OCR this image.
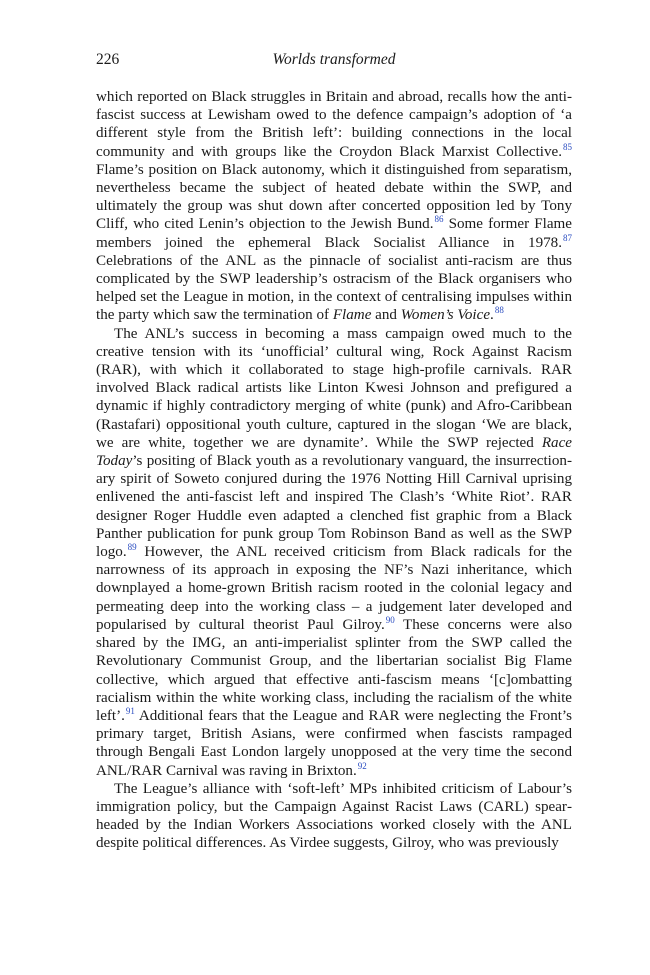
226	Worlds transformed

which reported on Black struggles in Britain and abroad, recalls how the anti-fascist success at Lewisham owed to the defence campaign’s adoption of ‘a different style from the British left’: building connections in the local community and with groups like the Croydon Black Marxist Collective.$^{85}$ Flame’s position on Black autonomy, which it distinguished from separatism, nevertheless became the subject of heated debate within the SWP, and ultimately the group was shut down after concerted opposition led by Tony Cliff, who cited Lenin’s objection to the Jewish Bund.$^{86}$ Some former Flame members joined the ephemeral Black Socialist Alliance in 1978.87 Celebrations of the ANL as the pinnacle of socialist anti-racism are thus complicated by the SWP leadership’s ostracism of the Black organisers who helped set the League in motion, in the context of centralising impulses within the party which saw the termination of Flame and Women’s Voice.$^{88}$

The ANL’s success in becoming a mass campaign owed much to the creative tension with its ‘unofficial’ cultural wing, Rock Against Racism (RAR), with which it collaborated to stage high-profile carnivals. RAR involved Black radical artists like Linton Kwesi Johnson and prefigured a dynamic if highly contradictory merging of white (punk) and Afro-Caribbean (Rastafari) oppositional youth culture, captured in the slogan ‘We are black, we are white, together we are dynamite’. While the SWP rejected Race Today’s positing of Black youth as a revolutionary vanguard, the insurrectionary spirit of Soweto conjured during the 1976 Notting Hill Carnival uprising enlivened the anti-fascist left and inspired The Clash’s ‘White Riot’. RAR designer Roger Huddle even adapted a clenched fist graphic from a Black Panther publication for punk group Tom Robinson Band as well as the SWP logo.$^{89}$ However, the ANL received criticism from Black radicals for the narrowness of its approach in exposing the NF’s Nazi inheritance, which downplayed a home-grown British racism rooted in the colonial legacy and permeating deep into the working class – a judgement later developed and popularised by cultural theorist Paul Gilroy.$^{90}$ These concerns were also shared by the IMG, an anti-imperialist splinter from the SWP called the Revolutionary Communist Group, and the libertarian socialist Big Flame collective, which argued that effective anti-fascism means ‘[c]ombatting racialism within the white working class, including the racialism of the white left’.$^{91}$ Additional fears that the League and RAR were neglecting the Front’s primary target, British Asians, were confirmed when fascists rampaged through Bengali East London largely unopposed at the very time the second ANL/RAR Carnival was raving in Brixton.$^{92}$

The League’s alliance with ‘soft-left’ MPs inhibited criticism of Labour’s immigration policy, but the Campaign Against Racist Laws (CARL) spearheaded by the Indian Workers Associations worked closely with the ANL despite political differences. As Virdee suggests, Gilroy, who was previously
